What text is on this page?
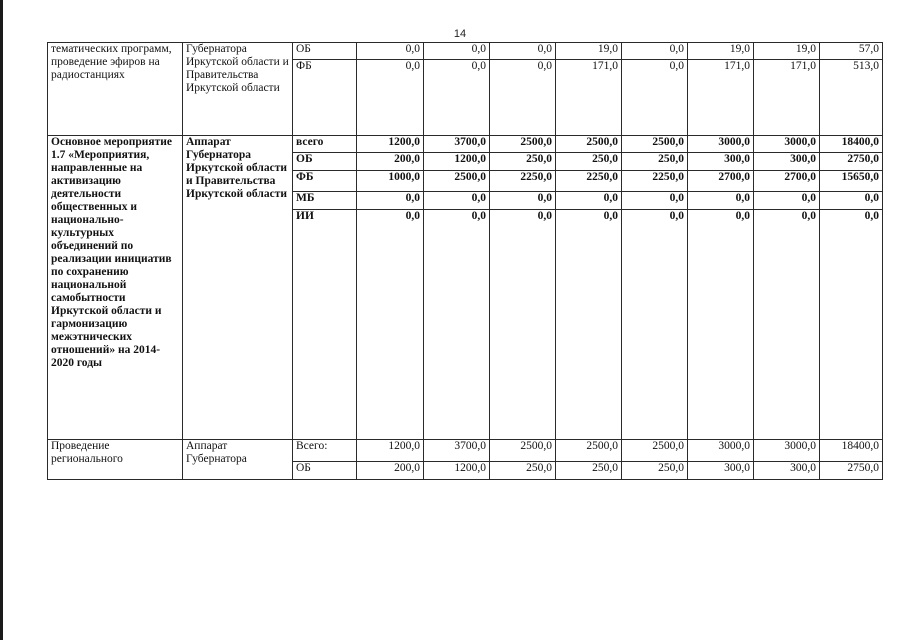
14
тематических программ, проведение эфиров на радиостанциях	Губернатора Иркутской области и Правительства Иркутской области	ОБ	0,0	0,0	0,0	19,0	0,0	19,0	19,0	57,0
		ФБ	0,0	0,0	0,0	171,0	0,0	171,0	171,0	513,0
Основное мероприятие 1.7 «Мероприятия, направленные на активизацию деятельности общественных и национально-культурных объединений по реализации инициатив по сохранению национальной самобытности Иркутской области и гармонизацию межэтнических отношений» на 2014-2020 годы	Аппарат Губернатора Иркутской области и Правительства Иркутской области	всего	1200,0	3700,0	2500,0	2500,0	2500,0	3000,0	3000,0	18400,0
		ОБ	200,0	1200,0	250,0	250,0	250,0	300,0	300,0	2750,0
		ФБ	1000,0	2500,0	2250,0	2250,0	2250,0	2700,0	2700,0	15650,0
		МБ	0,0	0,0	0,0	0,0	0,0	0,0	0,0	0,0
		ИИ	0,0	0,0	0,0	0,0	0,0	0,0	0,0	0,0
Проведение регионального	Аппарат Губернатора	Всего:	1200,0	3700,0	2500,0	2500,0	2500,0	3000,0	3000,0	18400,0
		ОБ	200,0	1200,0	250,0	250,0	250,0	300,0	300,0	2750,0
